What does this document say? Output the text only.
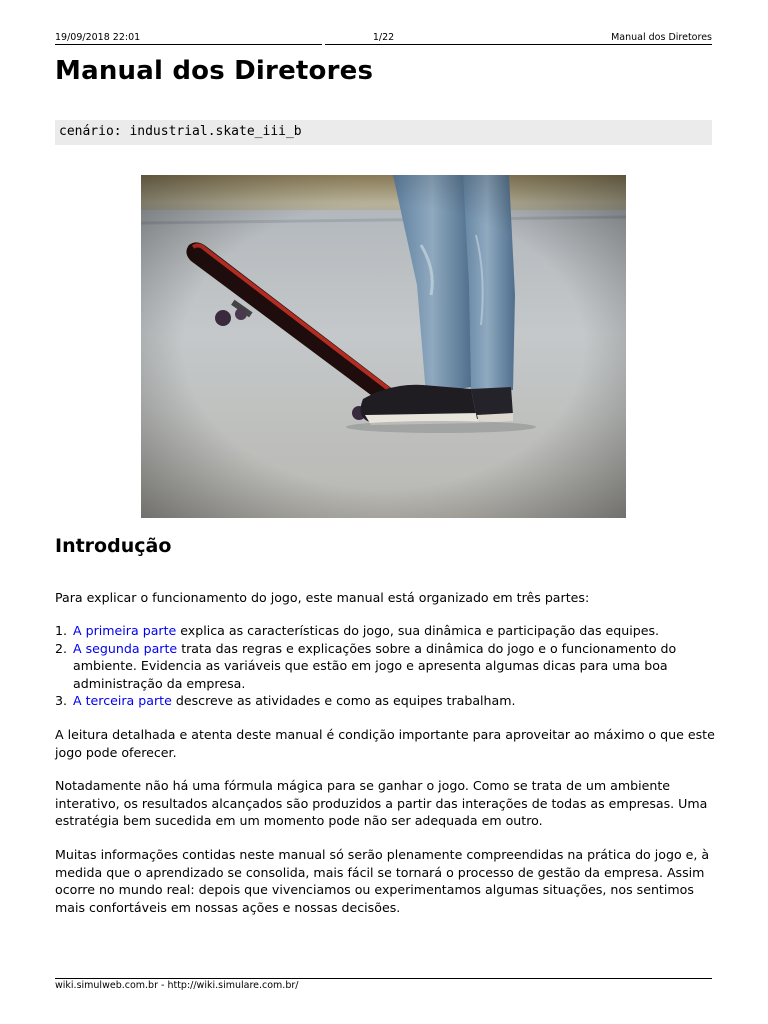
19/09/2018 22:01	1/22	Manual dos Diretores
Manual dos Diretores
cenário: industrial.skate_iii_b
Introdução

Para explicar o funcionamento do jogo, este manual está organizado em três partes:

1. A primeira parte explica as características do jogo, sua dinâmica e participação das equipes.
2. A segunda parte trata das regras e explicações sobre a dinâmica do jogo e o funcionamento do ambiente. Evidencia as variáveis que estão em jogo e apresenta algumas dicas para uma boa administração da empresa.
3. A terceira parte descreve as atividades e como as equipes trabalham.

A leitura detalhada e atenta deste manual é condição importante para aproveitar ao máximo o que este jogo pode oferecer.

Notadamente não há uma fórmula mágica para se ganhar o jogo. Como se trata de um ambiente interativo, os resultados alcançados são produzidos a partir das interações de todas as empresas. Uma estratégia bem sucedida em um momento pode não ser adequada em outro.

Muitas informações contidas neste manual só serão plenamente compreendidas na prática do jogo e, à medida que o aprendizado se consolida, mais fácil se tornará o processo de gestão da empresa. Assim ocorre no mundo real: depois que vivenciamos ou experimentamos algumas situações, nos sentimos mais confortáveis em nossas ações e nossas decisões.

wiki.simulweb.com.br - http://wiki.simulare.com.br/
